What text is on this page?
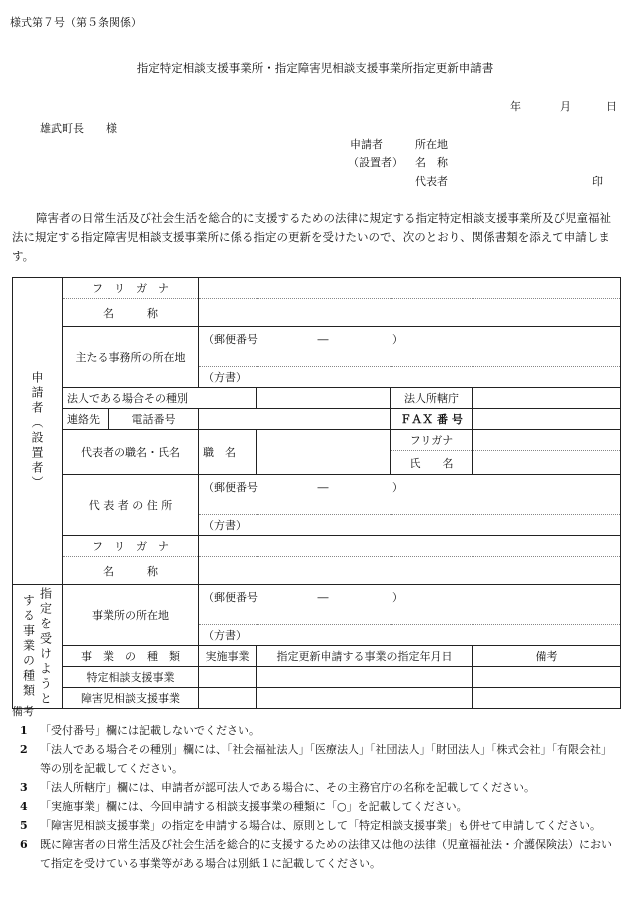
様式第７号（第５条関係）
指定特定相談支援事業所・指定障害児相談支援事業所指定更新申請書
年	月	日
雄武町長　　様
申請者
（設置者）
所在地
名　称
代表者	印
障害者の日常生活及び社会生活を総合的に支援するための法律に規定する指定特定相談支援事業所及び児童福祉法に規定する指定障害児相談支援事業所に係る指定の更新を受けたいので、次のとおり、関係書類を添えて申請します。
申請者（設置者）	フ　リ　ガ　ナ					
	名　　　称					
	主たる事務所の所在地		（郵便番号 ― ）			
			（方書）			
	法人である場合その種別				法人所轄庁	
	連絡先	電話番号			ＦＡＸ 番 号	
	代表者の職名・氏名		職　名		フリガナ	
					氏　　名	
	代 表 者 の 住 所		（郵便番号 ― ）			
			（方書）			
	フ　リ　ガ　ナ					
	名　　　称					

指定を受けようとする事業の種類	事業所の所在地		（郵便番号 ― ）			
			（方書）			
	事　業　の　種　類		実施事業	指定更新申請する事業の指定年月日		備考
	特定相談支援事業					
	障害児相談支援事業					
備考
1	「受付番号」欄には記載しないでください。
2	「法人である場合その種別」欄には、「社会福祉法人」「医療法人」「社団法人」「財団法人」「株式会社」「有限会社」等の別を記載してください。
3	「法人所轄庁」欄には、申請者が認可法人である場合に、その主務官庁の名称を記載してください。
4	「実施事業」欄には、今回申請する相談支援事業の種類に「○」を記載してください。
5	「障害児相談支援事業」の指定を申請する場合は、原則として「特定相談支援事業」も併せて申請してください。
6	既に障害者の日常生活及び社会生活を総合的に支援するための法律又は他の法律（児童福祉法・介護保険法）において指定を受けている事業等がある場合は別紙１に記載してください。
